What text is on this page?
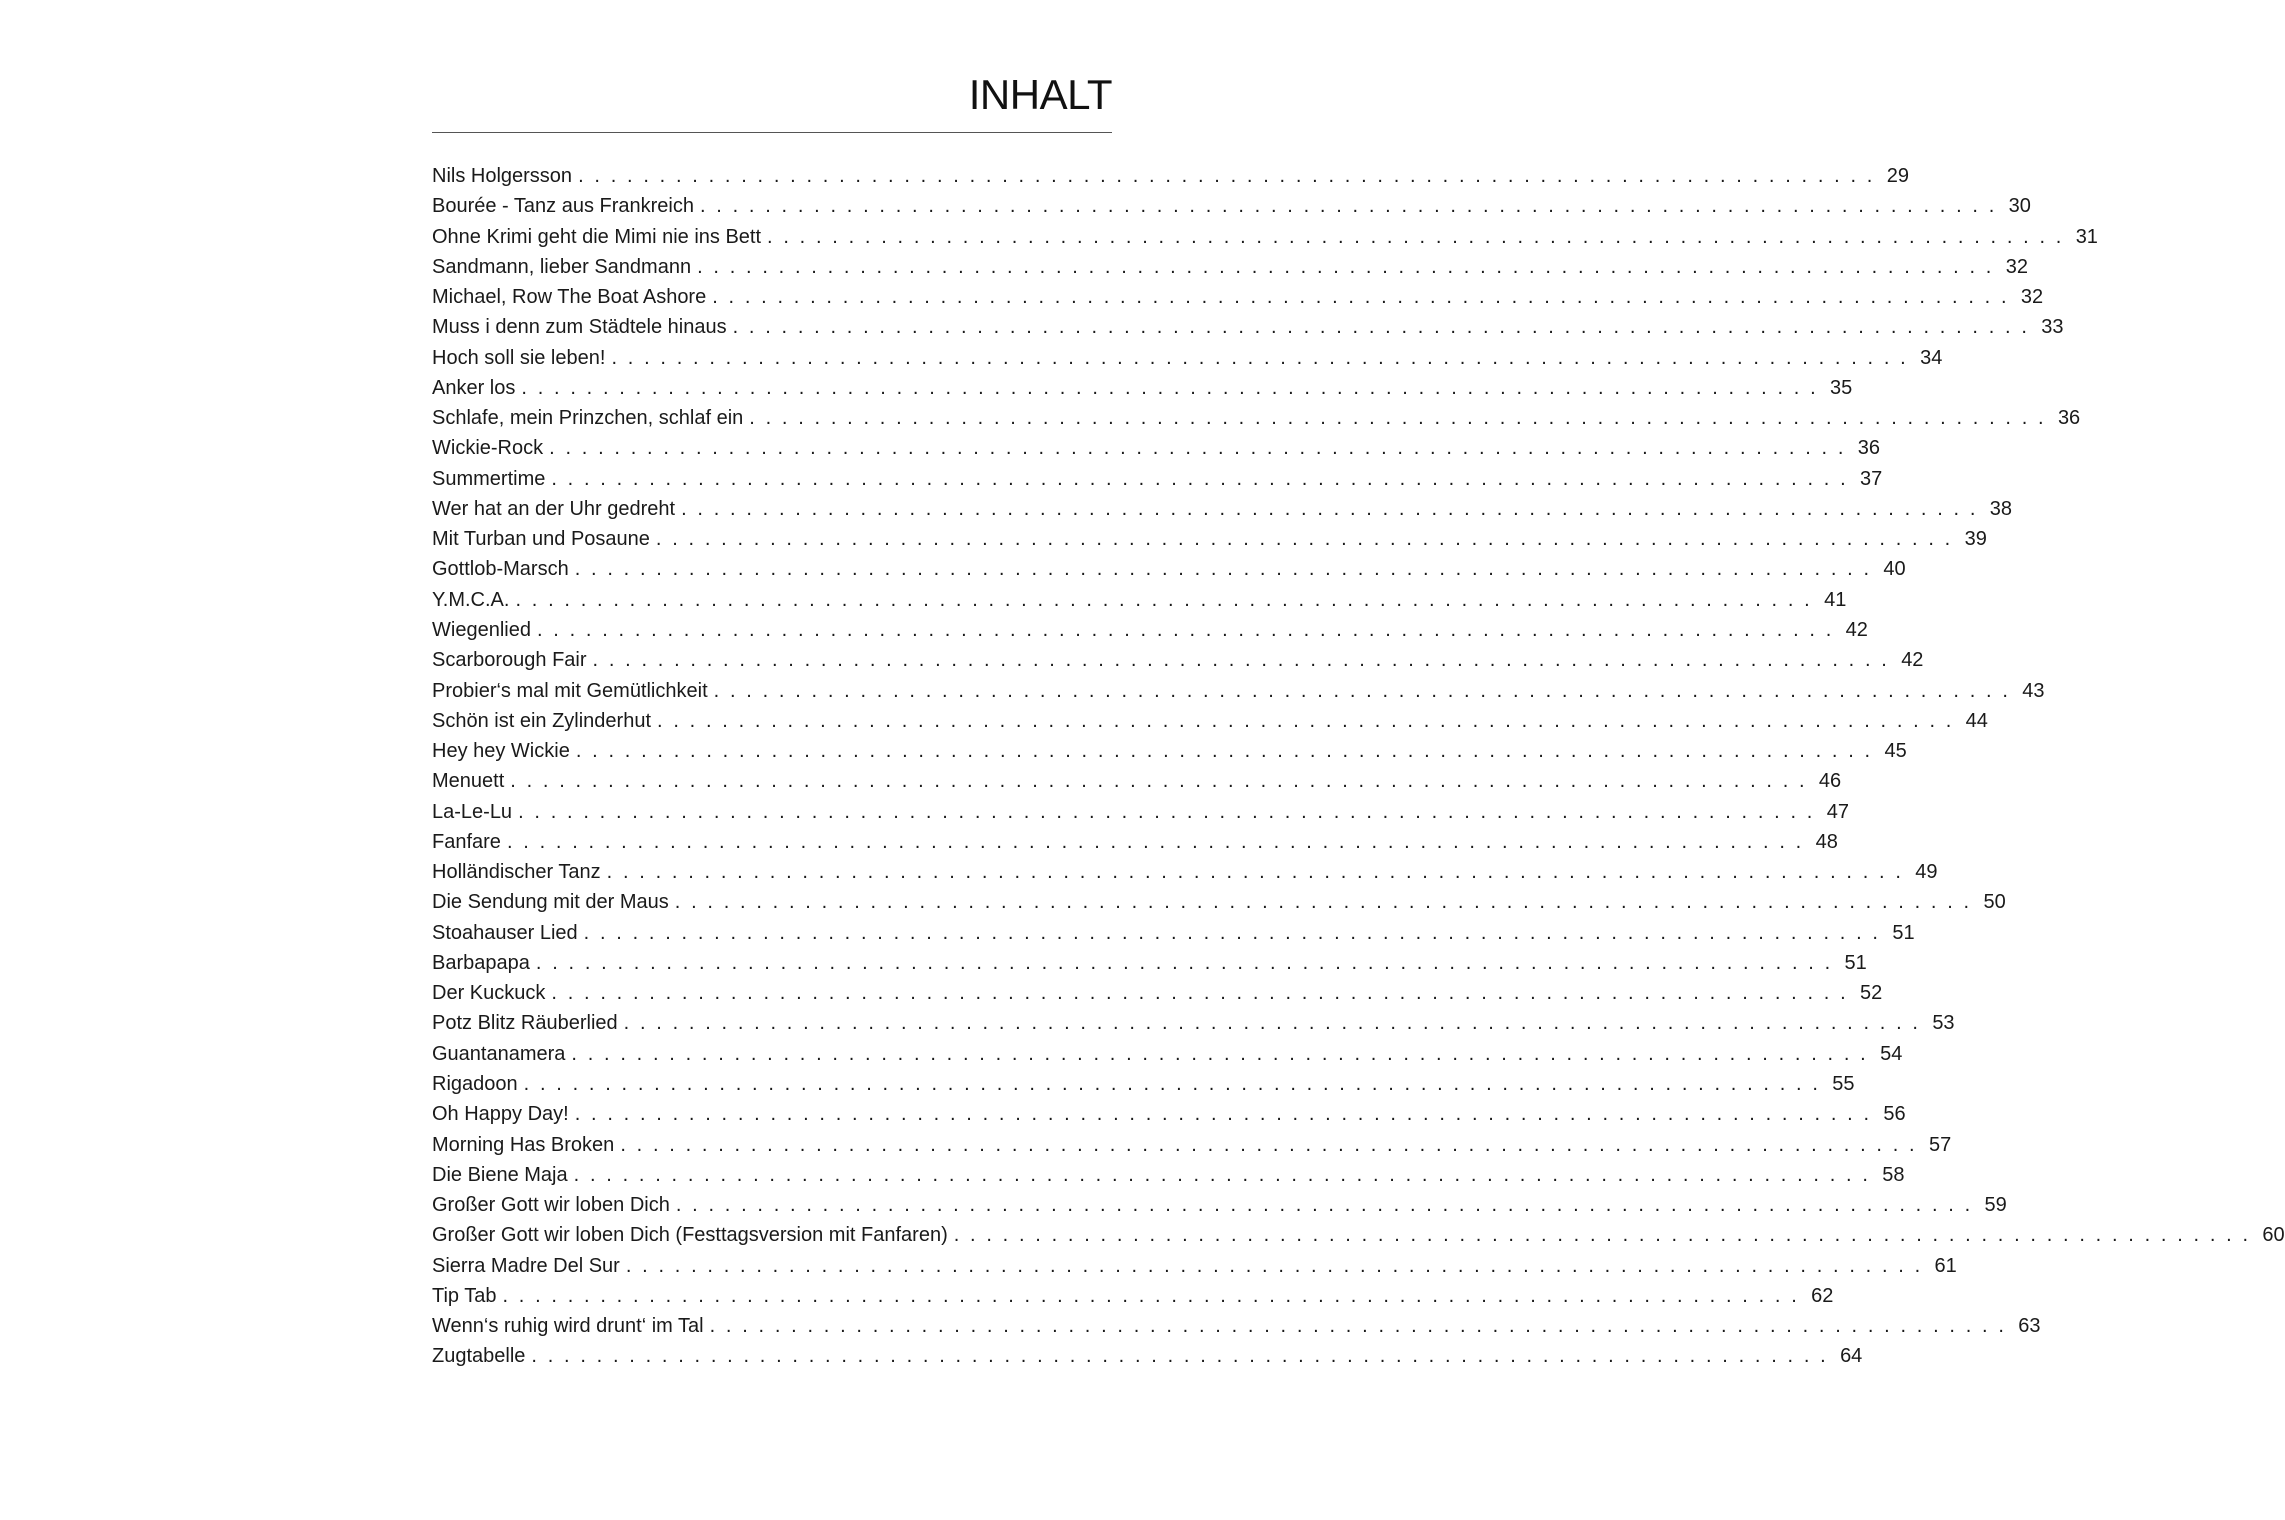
INHALT
Nils Holgersson . . . . . . . . . . . . . . . . . . . . . . . . . . . . . . . . . . . . . . . . . . . . . . . . . . . . . . . . . . . . . . . . . . . . . . . . . . . . . . . . 29
Bourée - Tanz aus Frankreich . . . . . . . . . . . . . . . . . . . . . . . . . . . . . . . . . . . . . . . . . . . . . . . . . . . . . . . . . . . . . . . . . . . . . . . . . . . . . . . . 30
Ohne Krimi geht die Mimi nie ins Bett . . . . . . . . . . . . . . . . . . . . . . . . . . . . . . . . . . . . . . . . . . . . . . . . . . . . . . . . . . . . . . . . . . . . . . . . . . . . . . . . 31
Sandmann, lieber Sandmann . . . . . . . . . . . . . . . . . . . . . . . . . . . . . . . . . . . . . . . . . . . . . . . . . . . . . . . . . . . . . . . . . . . . . . . . . . . . . . . . 32
Michael, Row The Boat Ashore . . . . . . . . . . . . . . . . . . . . . . . . . . . . . . . . . . . . . . . . . . . . . . . . . . . . . . . . . . . . . . . . . . . . . . . . . . . . . . . . 32
Muss i denn zum Städtele hinaus . . . . . . . . . . . . . . . . . . . . . . . . . . . . . . . . . . . . . . . . . . . . . . . . . . . . . . . . . . . . . . . . . . . . . . . . . . . . . . . . 33
Hoch soll sie leben! . . . . . . . . . . . . . . . . . . . . . . . . . . . . . . . . . . . . . . . . . . . . . . . . . . . . . . . . . . . . . . . . . . . . . . . . . . . . . . . . 34
Anker los . . . . . . . . . . . . . . . . . . . . . . . . . . . . . . . . . . . . . . . . . . . . . . . . . . . . . . . . . . . . . . . . . . . . . . . . . . . . . . . . 35
Schlafe, mein Prinzchen, schlaf ein . . . . . . . . . . . . . . . . . . . . . . . . . . . . . . . . . . . . . . . . . . . . . . . . . . . . . . . . . . . . . . . . . . . . . . . . . . . . . . . . 36
Wickie-Rock . . . . . . . . . . . . . . . . . . . . . . . . . . . . . . . . . . . . . . . . . . . . . . . . . . . . . . . . . . . . . . . . . . . . . . . . . . . . . . . . 36
Summertime . . . . . . . . . . . . . . . . . . . . . . . . . . . . . . . . . . . . . . . . . . . . . . . . . . . . . . . . . . . . . . . . . . . . . . . . . . . . . . . . 37
Wer hat an der Uhr gedreht . . . . . . . . . . . . . . . . . . . . . . . . . . . . . . . . . . . . . . . . . . . . . . . . . . . . . . . . . . . . . . . . . . . . . . . . . . . . . . . . 38
Mit Turban und Posaune . . . . . . . . . . . . . . . . . . . . . . . . . . . . . . . . . . . . . . . . . . . . . . . . . . . . . . . . . . . . . . . . . . . . . . . . . . . . . . . . 39
Gottlob-Marsch . . . . . . . . . . . . . . . . . . . . . . . . . . . . . . . . . . . . . . . . . . . . . . . . . . . . . . . . . . . . . . . . . . . . . . . . . . . . . . . . 40
Y.M.C.A. . . . . . . . . . . . . . . . . . . . . . . . . . . . . . . . . . . . . . . . . . . . . . . . . . . . . . . . . . . . . . . . . . . . . . . . . . . . . . . . . 41
Wiegenlied . . . . . . . . . . . . . . . . . . . . . . . . . . . . . . . . . . . . . . . . . . . . . . . . . . . . . . . . . . . . . . . . . . . . . . . . . . . . . . . . 42
Scarborough Fair . . . . . . . . . . . . . . . . . . . . . . . . . . . . . . . . . . . . . . . . . . . . . . . . . . . . . . . . . . . . . . . . . . . . . . . . . . . . . . . . 42
Probier‘s mal mit Gemütlichkeit . . . . . . . . . . . . . . . . . . . . . . . . . . . . . . . . . . . . . . . . . . . . . . . . . . . . . . . . . . . . . . . . . . . . . . . . . . . . . . . . 43
Schön ist ein Zylinderhut . . . . . . . . . . . . . . . . . . . . . . . . . . . . . . . . . . . . . . . . . . . . . . . . . . . . . . . . . . . . . . . . . . . . . . . . . . . . . . . . 44
Hey hey Wickie . . . . . . . . . . . . . . . . . . . . . . . . . . . . . . . . . . . . . . . . . . . . . . . . . . . . . . . . . . . . . . . . . . . . . . . . . . . . . . . . 45
Menuett . . . . . . . . . . . . . . . . . . . . . . . . . . . . . . . . . . . . . . . . . . . . . . . . . . . . . . . . . . . . . . . . . . . . . . . . . . . . . . . . 46
La-Le-Lu . . . . . . . . . . . . . . . . . . . . . . . . . . . . . . . . . . . . . . . . . . . . . . . . . . . . . . . . . . . . . . . . . . . . . . . . . . . . . . . . 47
Fanfare . . . . . . . . . . . . . . . . . . . . . . . . . . . . . . . . . . . . . . . . . . . . . . . . . . . . . . . . . . . . . . . . . . . . . . . . . . . . . . . . 48
Holländischer Tanz . . . . . . . . . . . . . . . . . . . . . . . . . . . . . . . . . . . . . . . . . . . . . . . . . . . . . . . . . . . . . . . . . . . . . . . . . . . . . . . . 49
Die Sendung mit der Maus . . . . . . . . . . . . . . . . . . . . . . . . . . . . . . . . . . . . . . . . . . . . . . . . . . . . . . . . . . . . . . . . . . . . . . . . . . . . . . . . 50
Stoahauser Lied . . . . . . . . . . . . . . . . . . . . . . . . . . . . . . . . . . . . . . . . . . . . . . . . . . . . . . . . . . . . . . . . . . . . . . . . . . . . . . . . 51
Barbapapa . . . . . . . . . . . . . . . . . . . . . . . . . . . . . . . . . . . . . . . . . . . . . . . . . . . . . . . . . . . . . . . . . . . . . . . . . . . . . . . . 51
Der Kuckuck . . . . . . . . . . . . . . . . . . . . . . . . . . . . . . . . . . . . . . . . . . . . . . . . . . . . . . . . . . . . . . . . . . . . . . . . . . . . . . . . 52
Potz Blitz Räuberlied . . . . . . . . . . . . . . . . . . . . . . . . . . . . . . . . . . . . . . . . . . . . . . . . . . . . . . . . . . . . . . . . . . . . . . . . . . . . . . . . 53
Guantanamera . . . . . . . . . . . . . . . . . . . . . . . . . . . . . . . . . . . . . . . . . . . . . . . . . . . . . . . . . . . . . . . . . . . . . . . . . . . . . . . . 54
Rigadoon . . . . . . . . . . . . . . . . . . . . . . . . . . . . . . . . . . . . . . . . . . . . . . . . . . . . . . . . . . . . . . . . . . . . . . . . . . . . . . . . 55
Oh Happy Day! . . . . . . . . . . . . . . . . . . . . . . . . . . . . . . . . . . . . . . . . . . . . . . . . . . . . . . . . . . . . . . . . . . . . . . . . . . . . . . . . 56
Morning Has Broken . . . . . . . . . . . . . . . . . . . . . . . . . . . . . . . . . . . . . . . . . . . . . . . . . . . . . . . . . . . . . . . . . . . . . . . . . . . . . . . . 57
Die Biene Maja . . . . . . . . . . . . . . . . . . . . . . . . . . . . . . . . . . . . . . . . . . . . . . . . . . . . . . . . . . . . . . . . . . . . . . . . . . . . . . . . 58
Großer Gott wir loben Dich . . . . . . . . . . . . . . . . . . . . . . . . . . . . . . . . . . . . . . . . . . . . . . . . . . . . . . . . . . . . . . . . . . . . . . . . . . . . . . . . 59
Großer Gott wir loben Dich (Festtagsversion mit Fanfaren) . . . . . . . . . . . . . . . . . . . . . . . . . . . . . . . . . . . . . . . . . . . . . . . . . . . . . . . . . . . . . . . . . . . . . . . . . . . . . . . . 60
Sierra Madre Del Sur . . . . . . . . . . . . . . . . . . . . . . . . . . . . . . . . . . . . . . . . . . . . . . . . . . . . . . . . . . . . . . . . . . . . . . . . . . . . . . . . 61
Tip Tab . . . . . . . . . . . . . . . . . . . . . . . . . . . . . . . . . . . . . . . . . . . . . . . . . . . . . . . . . . . . . . . . . . . . . . . . . . . . . . . . 62
Wenn‘s ruhig wird drunt‘ im Tal . . . . . . . . . . . . . . . . . . . . . . . . . . . . . . . . . . . . . . . . . . . . . . . . . . . . . . . . . . . . . . . . . . . . . . . . . . . . . . . . 63
Zugtabelle . . . . . . . . . . . . . . . . . . . . . . . . . . . . . . . . . . . . . . . . . . . . . . . . . . . . . . . . . . . . . . . . . . . . . . . . . . . . . . . . 64
